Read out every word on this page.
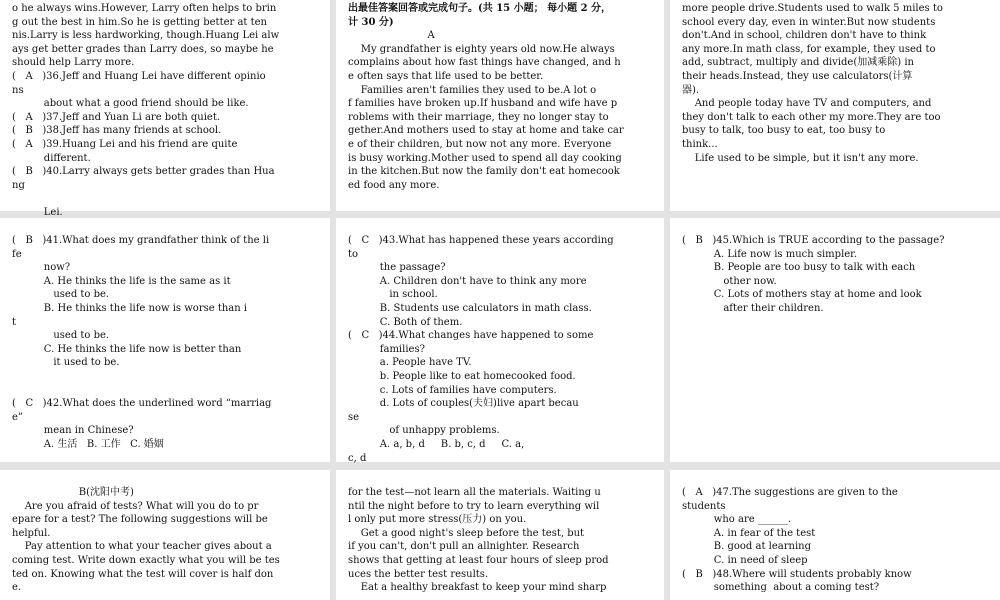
o he always wins.However, Larry often helps to brin
g out the best in him.So he is getting better at ten
nis.Larry is less hardworking, though.Huang Lei alw
ays get better grades than Larry does, so maybe he
should help Larry more.
(   A   )36.Jeff and Huang Lei have different opinio
ns
about what a good friend should be like.
(   A   )37.Jeff and Yuan Li are both quiet.
(   B   )38.Jeff has many friends at school.
(   A   )39.Huang Lei and his friend are quite
different.
(   B   )40.Larry always gets better grades than Hua
ng

Lei.
出最佳答案回答或完成句子。(共 15 小题； 每小题 2 分，
计 30 分)
A
My grandfather is eighty years old now.He always
complains about how fast things have changed, and h
e often says that life used to be better.
Families aren't families they used to be.A lot o
f families have broken up.If husband and wife have p
roblems with their marriage, they no longer stay to
gether.And mothers used to stay at home and take car
e of their children, but now not any more. Everyone
is busy working.Mother used to spend all day cooking
in the kitchen.But now the family don't eat homecook
ed food any more.
more people drive.Students used to walk 5 miles to
school every day, even in winter.But now students
don't.And in school, children don't have to think
any more.In math class, for example, they used to
add, subtract, multiply and divide(加减乘除) in
their heads.Instead, they use calculators(计算
器).
And people today have TV and computers, and
they don't talk to each other my more.They are too
busy to talk, too busy to eat, too busy to
think...
Life used to be simple, but it isn't any more.
(   B   )41.What does my grandfather think of the li
fe
now?
A. He thinks the life is the same as it
used to be.
B. He thinks the life now is worse than i
t
used to be.
C. He thinks the life now is better than
it used to be.

(   C   )42.What does the underlined word “marriag
e”
mean in Chinese?
A. 生活   B. 工作   C. 婚姻
(   C   )43.What has happened these years according
to
the passage?
A. Children don't have to think any more
in school.
B. Students use calculators in math class.
C. Both of them.
(   C   )44.What changes have happened to some
families?
a. People have TV.
b. People like to eat homecooked food.
c. Lots of families have computers.
d. Lots of couples(夫妇)live apart becau
se
of unhappy problems.
A. a, b, d     B. b, c, d     C. a,
c, d
(   B   )45.Which is TRUE according to the passage?
A. Life now is much simpler.
B. People are too busy to talk with each
other now.
C. Lots of mothers stay at home and look
after their children.
B(沈阳中考)
Are you afraid of tests? What will you do to pr
epare for a test? The following suggestions will be
helpful.
Pay attention to what your teacher gives about a
coming test. Write down exactly what you will be tes
ted on. Knowing what the test will cover is half don
e.
for the test—not learn all the materials. Waiting u
ntil the night before to try to learn everything wil
l only put more stress(压力) on you.
Get a good night's sleep before the test, but
if you can't, don't pull an allnighter. Research
shows that getting at least four hours of sleep prod
uces the better test results.
Eat a healthy breakfast to keep your mind sharp
(   A   )47.The suggestions are given to the
students
who are ______.
A. in fear of the test
B. good at learning
C. in need of sleep
(   B   )48.Where will students probably know
something  about a coming test?
